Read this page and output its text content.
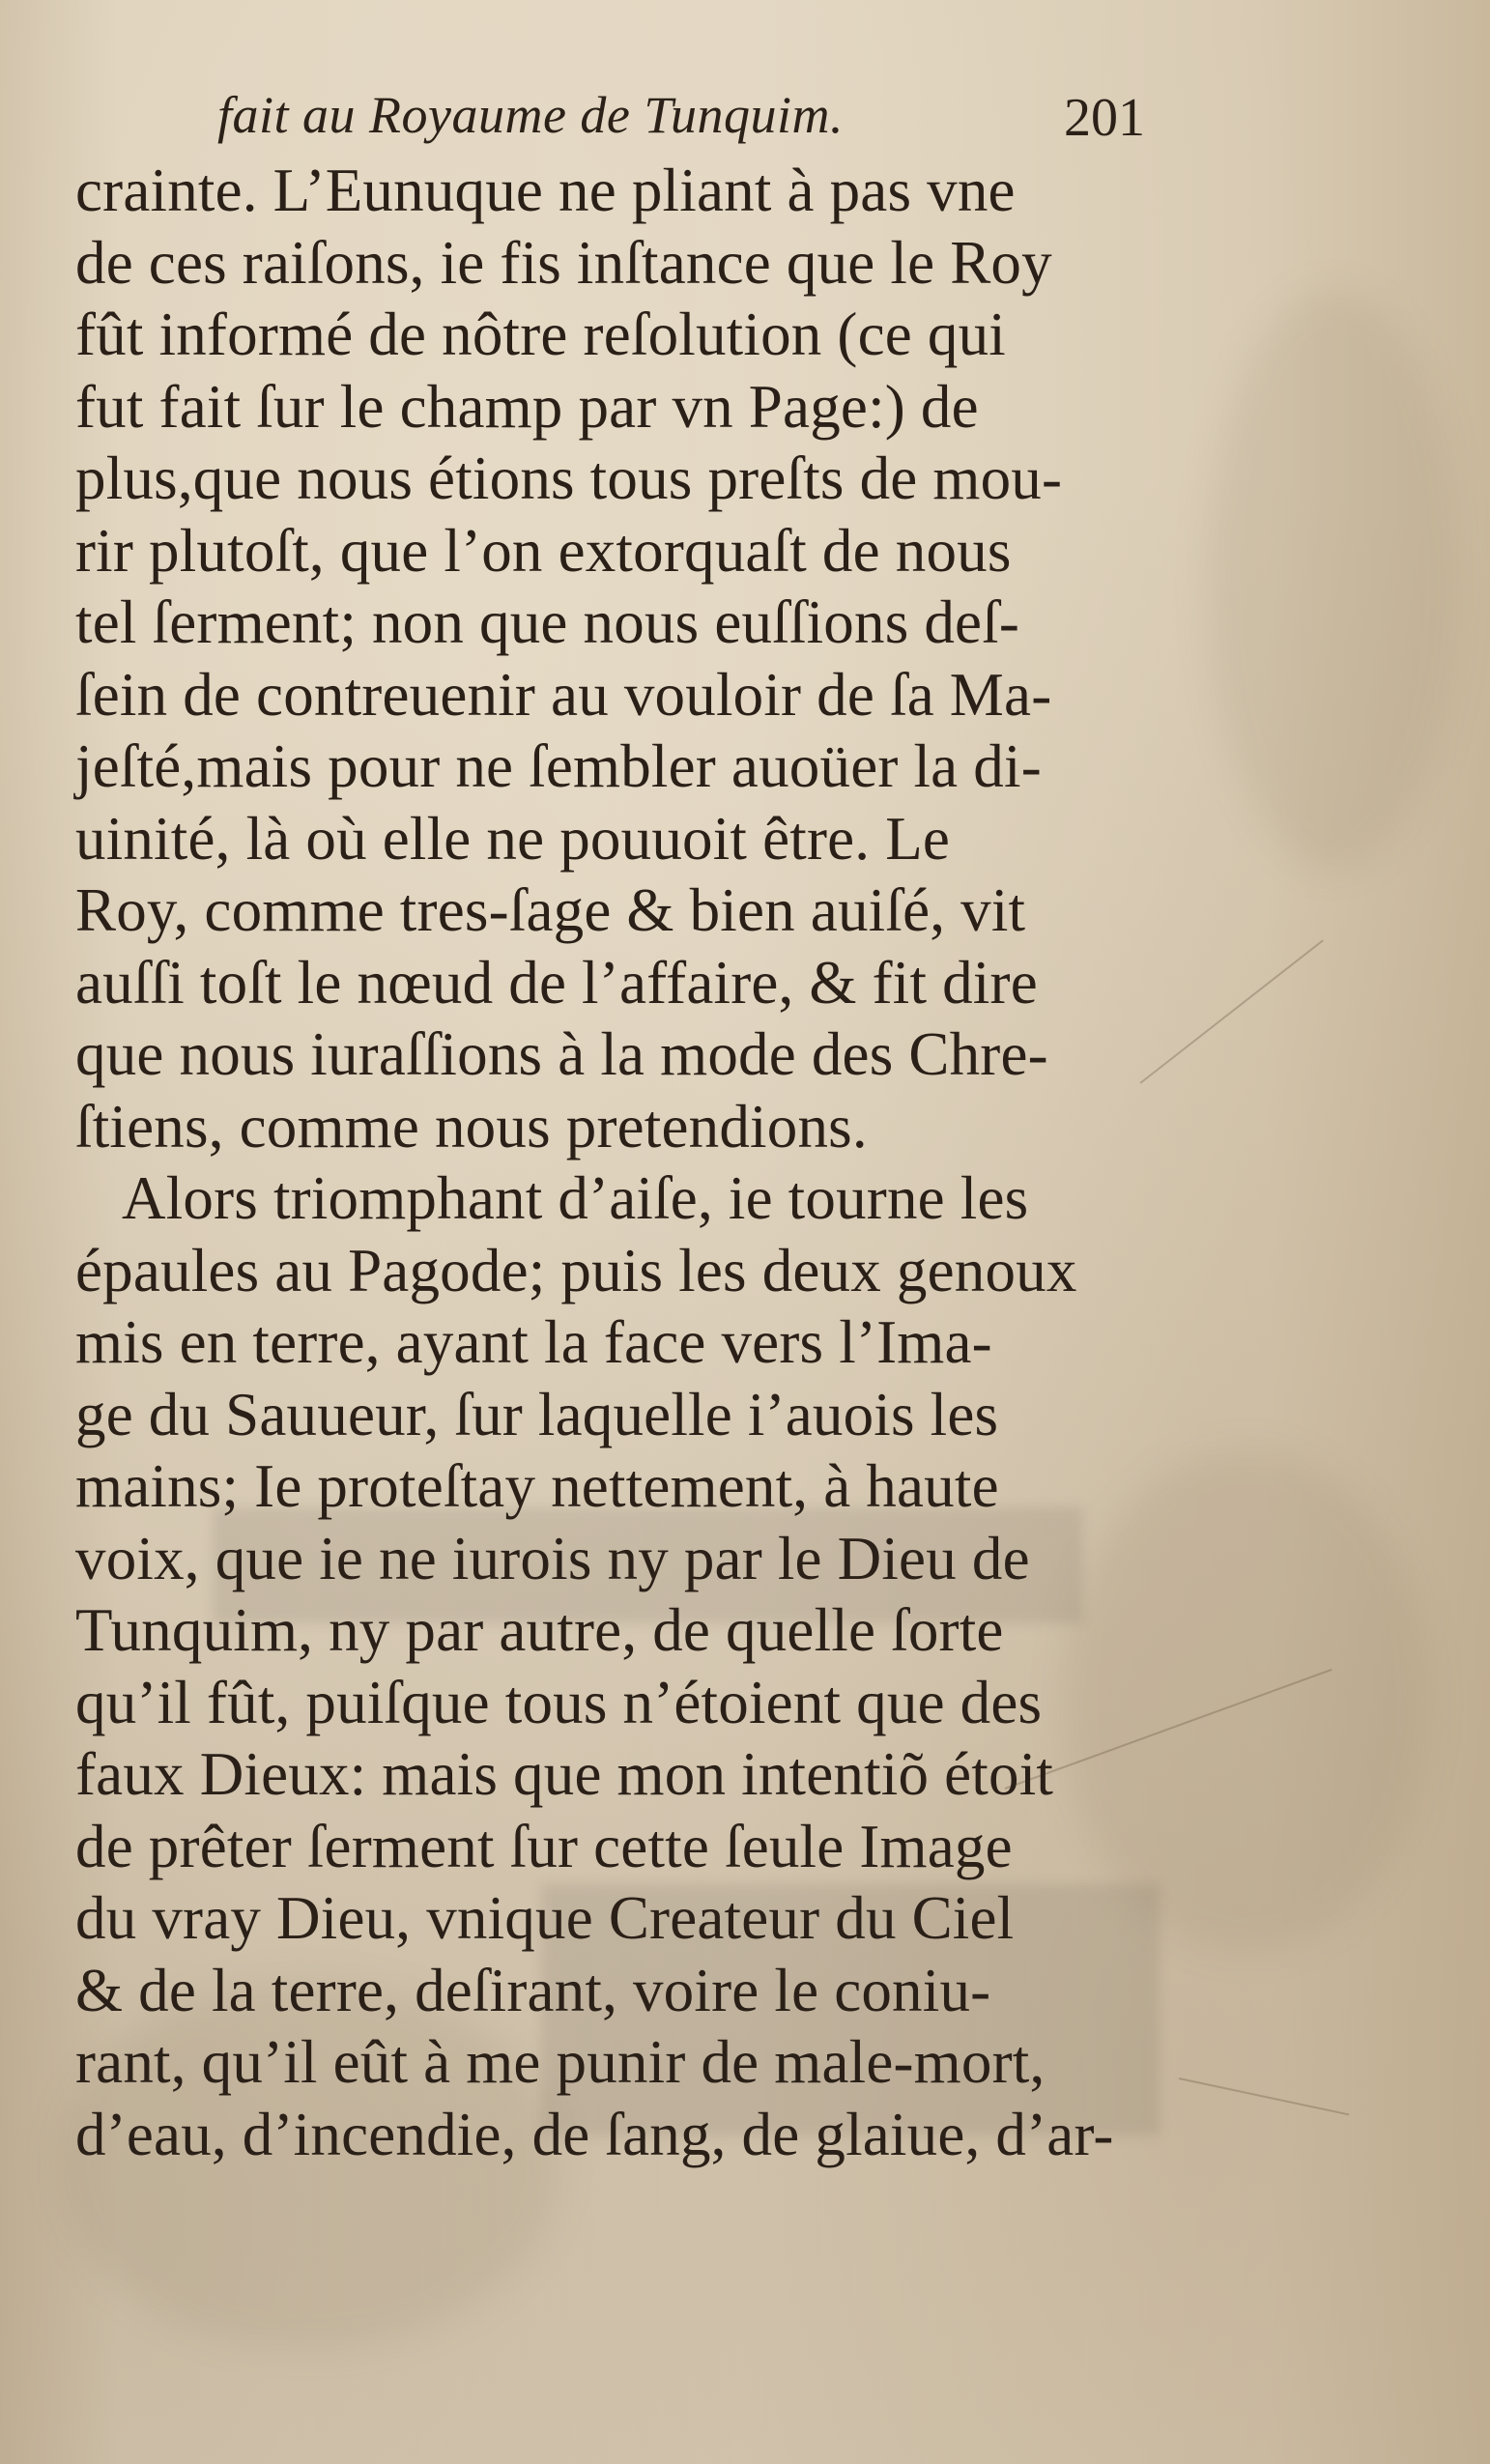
fait au Royaume de Tunquim.	201
crainte. L’Eunuque ne pliant à pas vne
de ces raiſons, ie fis inſtance que le Roy
fût informé de nôtre reſolution (ce qui
fut fait ſur le champ par vn Page:) de
plus,que nous étions tous preſts de mou-
rir plutoſt, que l’on extorquaſt de nous
tel ſerment; non que nous euſſions deſ-
ſein de contreuenir au vouloir de ſa Ma-
jeſté,mais pour ne ſembler auoüer la di-
uinité, là où elle ne pouuoit être. Le
Roy, comme tres-ſage & bien auiſé, vit
auſſi toſt le nœud de l’affaire, & fit dire
que nous iuraſſions à la mode des Chre-
ſtiens, comme nous pretendions.
Alors triomphant d’aiſe, ie tourne les
épaules au Pagode; puis les deux genoux
mis en terre, ayant la face vers l’Ima-
ge du Sauueur, ſur laquelle i’auois les
mains; Ie proteſtay nettement, à haute
voix, que ie ne iurois ny par le Dieu de
Tunquim, ny par autre, de quelle ſorte
qu’il fût, puiſque tous n’étoient que des
faux Dieux: mais que mon intentiõ étoit
de prêter ſerment ſur cette ſeule Image
du vray Dieu, vnique Createur du Ciel
& de la terre, deſirant, voire le coniu-
rant, qu’il eût à me punir de male-mort,
d’eau, d’incendie, de ſang, de glaiue, d’ar-
